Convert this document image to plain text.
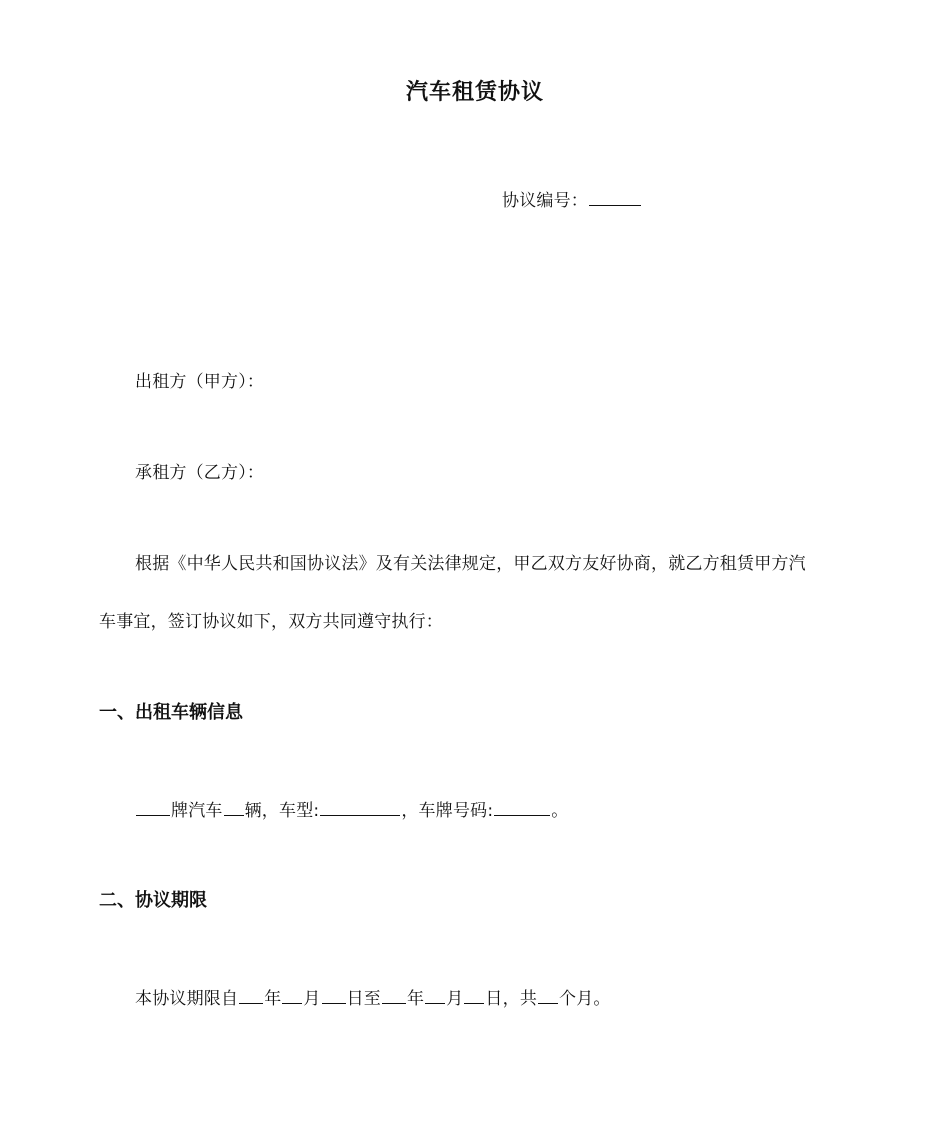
汽车租赁协议
协议编号：
出租方（甲方）：
承租方（乙方）：
根据《中华人民共和国协议法》及有关法律规定，甲乙双方友好协商，就乙方租赁甲方汽
车事宜，签订协议如下，双方共同遵守执行：
一、出租车辆信息
牌汽车 辆，车型:	，车牌号码:	。
二、协议期限
本协议期限自 年 月 日至 年 月 日，共 个月。
